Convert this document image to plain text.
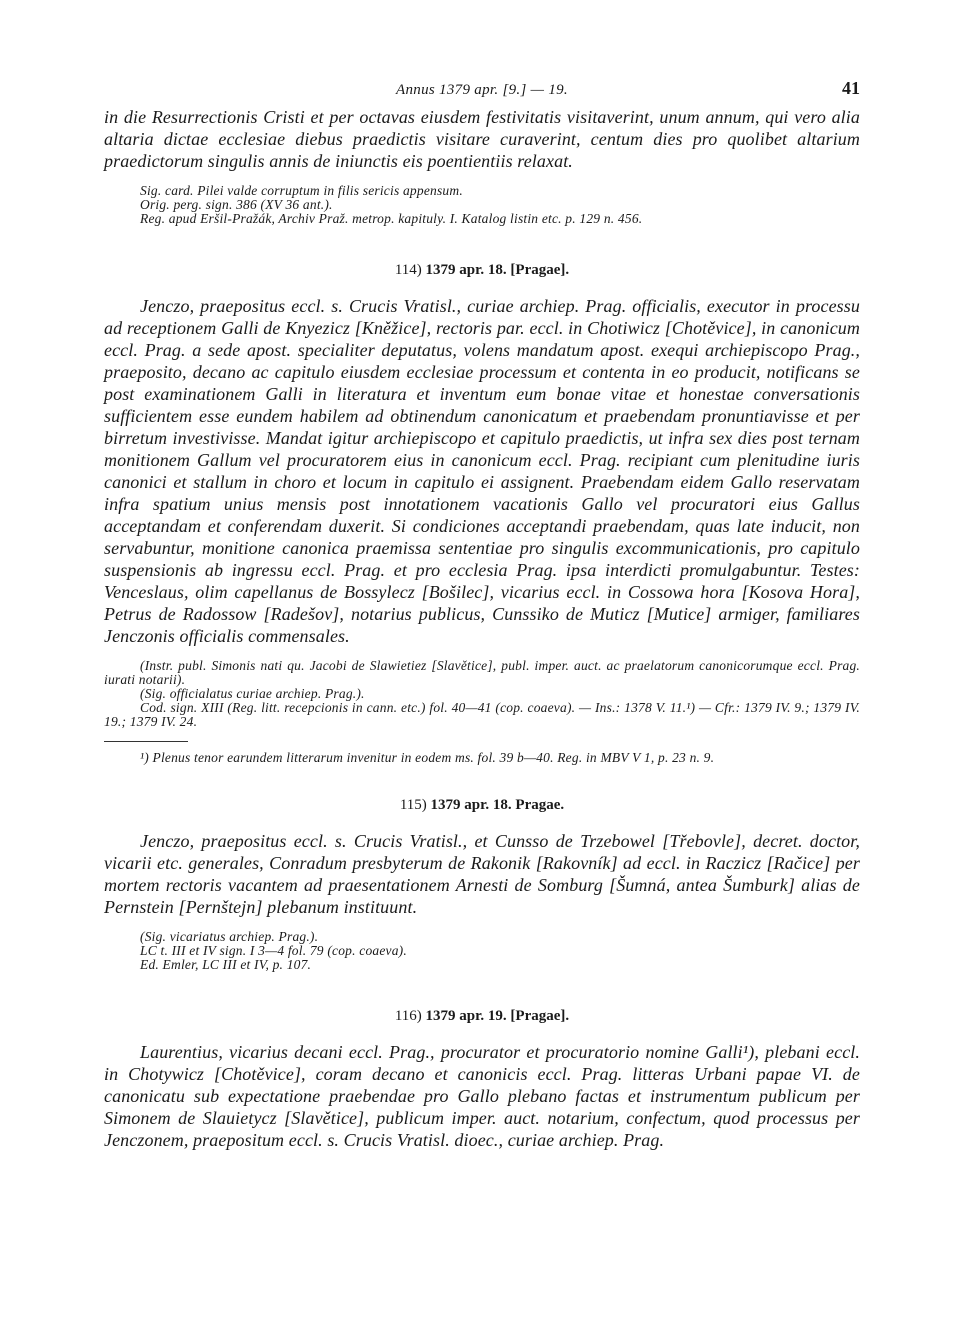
Annus 1379 apr. [9.] — 19.	41

in die Resurrectionis Cristi et per octavas eiusdem festivitatis visitaverint, unum annum, qui vero alia altaria dictae ecclesiae diebus praedictis visitare curaverint, centum dies pro quolibet altarium praedictorum singulis annis de iniunctis eis poentientiis relaxat.

Sig. card. Pilei valde corruptum in filis sericis appensum.
Orig. perg. sign. 386 (XV 36 ant.).
Reg. apud Eršil-Pražák, Archiv Praž. metrop. kapituly. I. Katalog listin etc. p. 129 n. 456.
114) 1379 apr. 18. [Pragae].

Jenczo, praepositus eccl. s. Crucis Vratisl., curiae archiep. Prag. officialis, executor in processu ad receptionem Galli de Knyezicz [Kněžice], rectoris par. eccl. in Chotiwicz [Chotěvice], in canonicum eccl. Prag. a sede apost. specialiter deputatus, volens mandatum apost. exequi archiepiscopo Prag., praeposito, decano ac capitulo eiusdem ecclesiae processum et contenta in eo producit, notificans se post examinationem Galli in literatura et inventum eum bonae vitae et honestae conversationis sufficientem esse eundem habilem ad obtinendum canonicatum et praebendam pronuntiavisse et per birretum investivisse. Mandat igitur archiepiscopo et capitulo praedictis, ut infra sex dies post ternam monitionem Gallum vel procuratorem eius in canonicum eccl. Prag. recipiant cum plenitudine iuris canonici et stallum in choro et locum in capitulo ei assignent. Praebendam eidem Gallo reservatam infra spatium unius mensis post innotationem vacationis Gallo vel procuratori eius Gallus acceptandam et conferendam duxerit. Si condiciones acceptandi praebendam, quas late inducit, non servabuntur, monitione canonica praemissa sententiae pro singulis excommunicationis, pro capitulo suspensionis ab ingressu eccl. Prag. et pro ecclesia Prag. ipsa interdicti promulgabuntur. Testes: Venceslaus, olim capellanus de Bossylecz [Bošilec], vicarius eccl. in Cossowa hora [Kosova Hora], Petrus de Radossow [Radešov], notarius publicus, Cunssiko de Muticz [Mutice] armiger, familiares Jenczonis officialis commensales.

(Instr. publ. Simonis nati qu. Jacobi de Slawietiez [Slavětice], publ. imper. auct. ac praelatorum canonicorumque eccl. Prag. iurati notarii).
(Sig. officialatus curiae archiep. Prag.).
Cod. sign. XIII (Reg. litt. recepcionis in cann. etc.) fol. 40—41 (cop. coaeva). — Ins.: 1378 V. 11.¹) — Cfr.: 1379 IV. 9.; 1379 IV. 19.; 1379 IV. 24.
¹) Plenus tenor earundem litterarum invenitur in eodem ms. fol. 39 b—40. Reg. in MBV V 1, p. 23 n. 9.
115) 1379 apr. 18. Pragae.

Jenczo, praepositus eccl. s. Crucis Vratisl., et Cunsso de Trzebowel [Třebovle], decret. doctor, vicarii etc. generales, Conradum presbyterum de Rakonik [Rakovník] ad eccl. in Raczicz [Račice] per mortem rectoris vacantem ad praesentationem Arnesti de Somburg [Šumná, antea Šumburk] alias de Pernstein [Pernštejn] plebanum instituunt.

(Sig. vicariatus archiep. Prag.).
LC t. III et IV sign. I 3—4 fol. 79 (cop. coaeva).
Ed. Emler, LC III et IV, p. 107.
116) 1379 apr. 19. [Pragae].

Laurentius, vicarius decani eccl. Prag., procurator et procuratorio nomine Galli¹), plebani eccl. in Chotywicz [Chotěvice], coram decano et canonicis eccl. Prag. litteras Urbani papae VI. de canonicatu sub expectatione praebendae pro Gallo plebano factas et instrumentum publicum per Simonem de Slauietycz [Slavětice], publicum imper. auct. notarium, confectum, quod processus per Jenczonem, praepositum eccl. s. Crucis Vratisl. dioec., curiae archiep. Prag.
